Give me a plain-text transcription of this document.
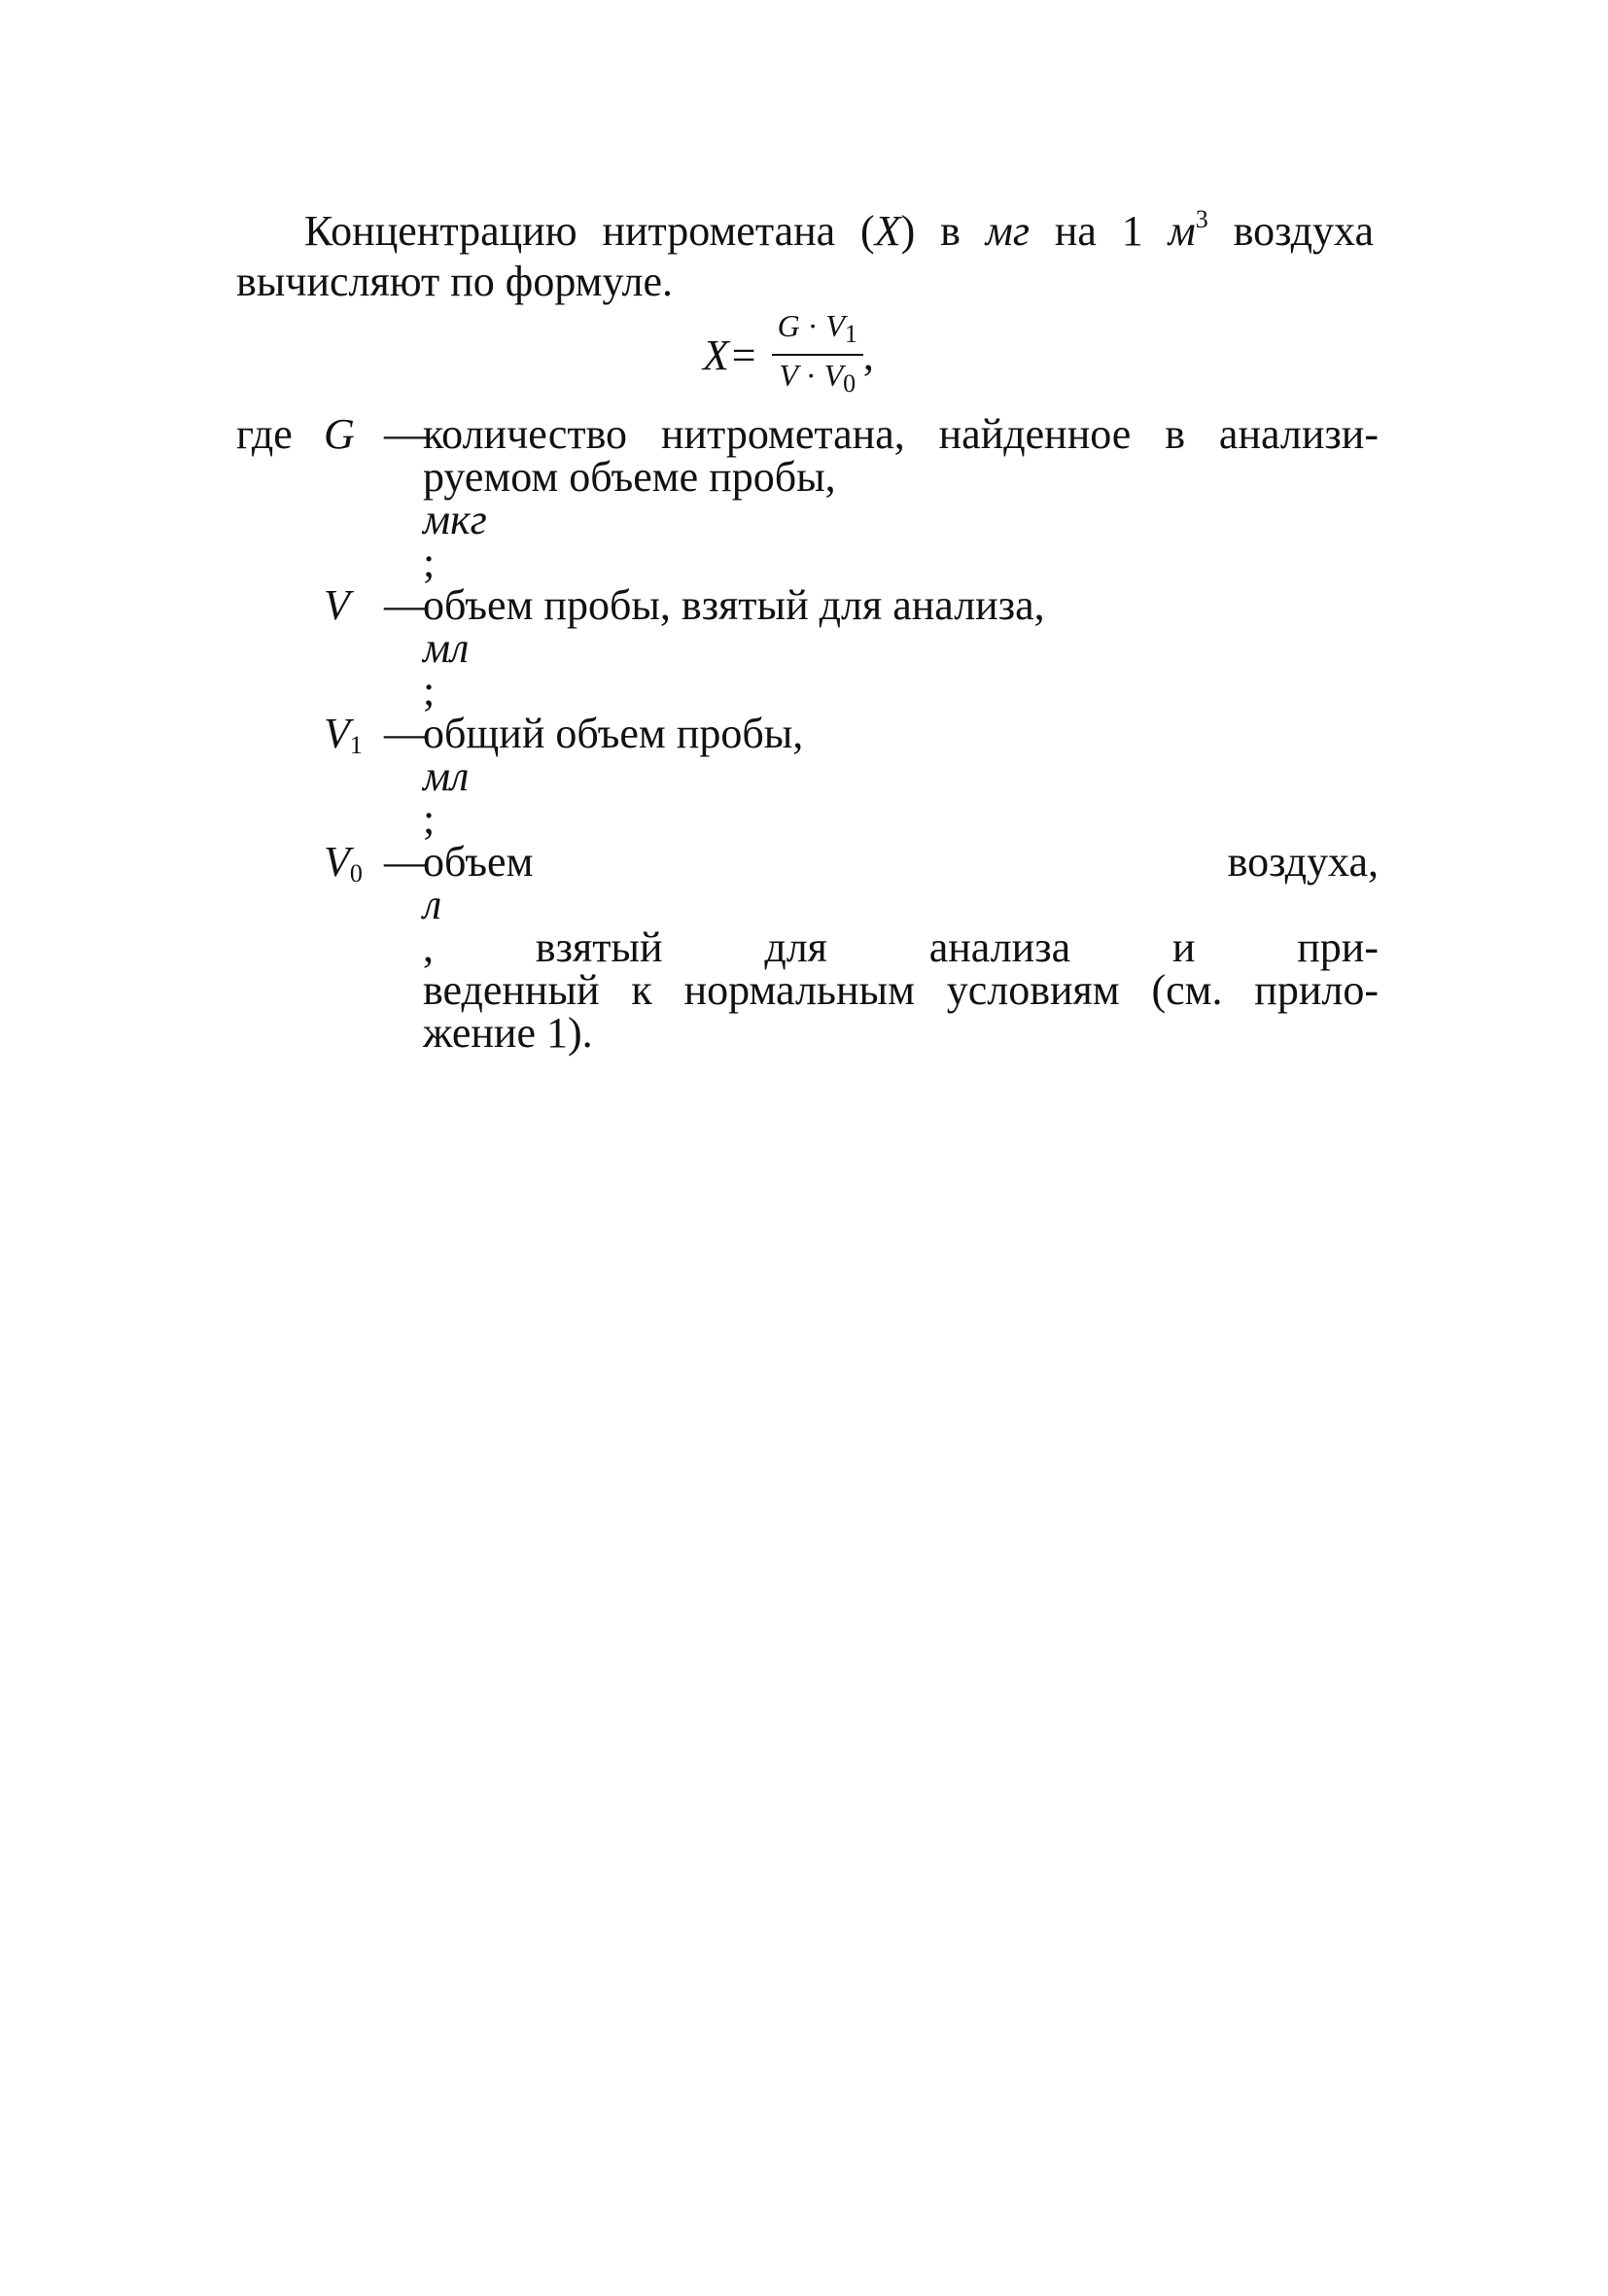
Концентрацию нитрометана (X) в мг на 1 $м^3$ воздуха
вычисляют по формуле.
$X= \frac{G \cdot V_1}{V \cdot V_0}$ ,
где G —
количество нитрометана, найденное в анализи-
руемом объеме пробы,
мкг
;
V —
объем пробы, взятый для анализа,
мл
;
$V_1$ —
общий объем пробы,
мл
;
$V_0$ —
объем воздуха,
л
, взятый для анализа и при-
веденный к нормальным условиям (см. прило-
жение 1).
